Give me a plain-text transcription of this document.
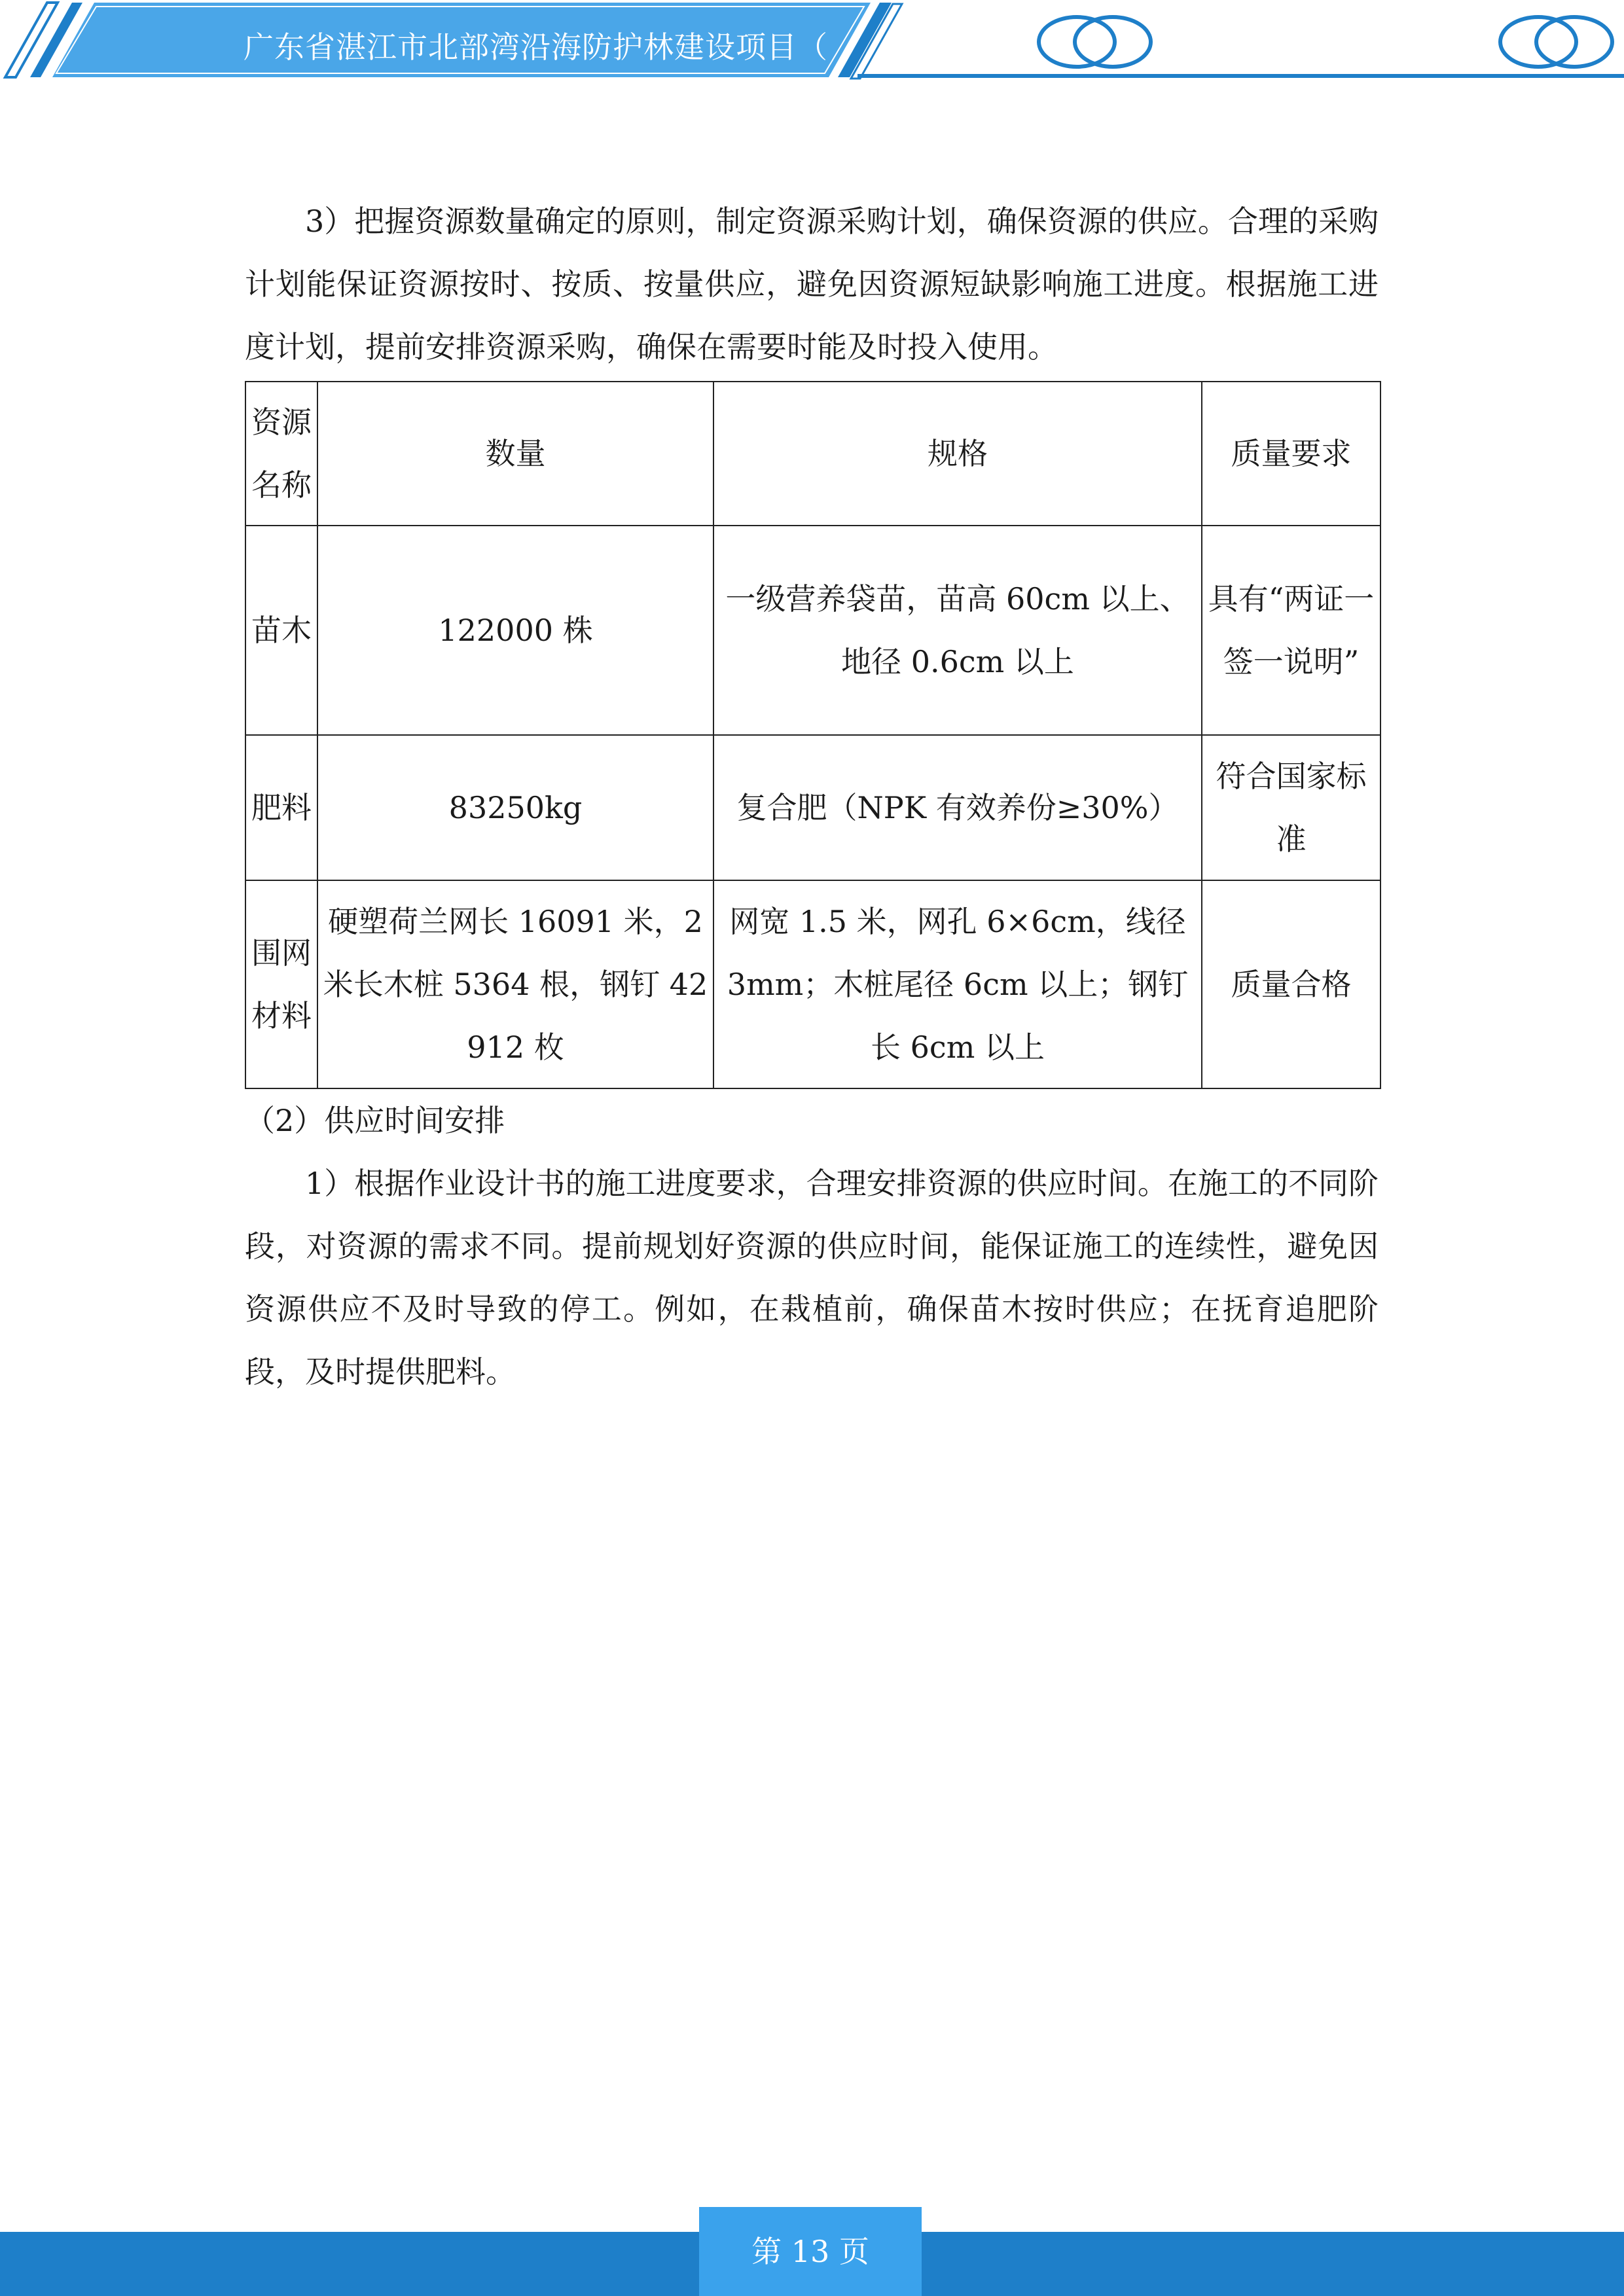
广东省湛江市北部湾沿海防护林建设项目（

3）把握资源数量确定的原则，制定资源采购计划，确保资源的供应。合理的采购计划能保证资源按时、按质、按量供应，避免因资源短缺影响施工进度。根据施工进度计划，提前安排资源采购，确保在需要时能及时投入使用。

资源名称	数量	规格	质量要求
苗木	122000 株	一级营养袋苗，苗高 60cm 以上、地径 0.6cm 以上	具有“两证一签一说明”
肥料	83250kg	复合肥（NPK 有效养份≥30%）	符合国家标准
围网材料	硬塑荷兰网长 16091 米，2 米长木桩 5364 根，钢钉 42912 枚	网宽 1.5 米，网孔 6×6cm，线径 3mm；木桩尾径 6cm 以上；钢钉长 6cm 以上	质量合格

（2）供应时间安排

1）根据作业设计书的施工进度要求，合理安排资源的供应时间。在施工的不同阶段，对资源的需求不同。提前规划好资源的供应时间，能保证施工的连续性，避免因资源供应不及时导致的停工。例如，在栽植前，确保苗木按时供应；在抚育追肥阶段，及时提供肥料。

第 13 页
